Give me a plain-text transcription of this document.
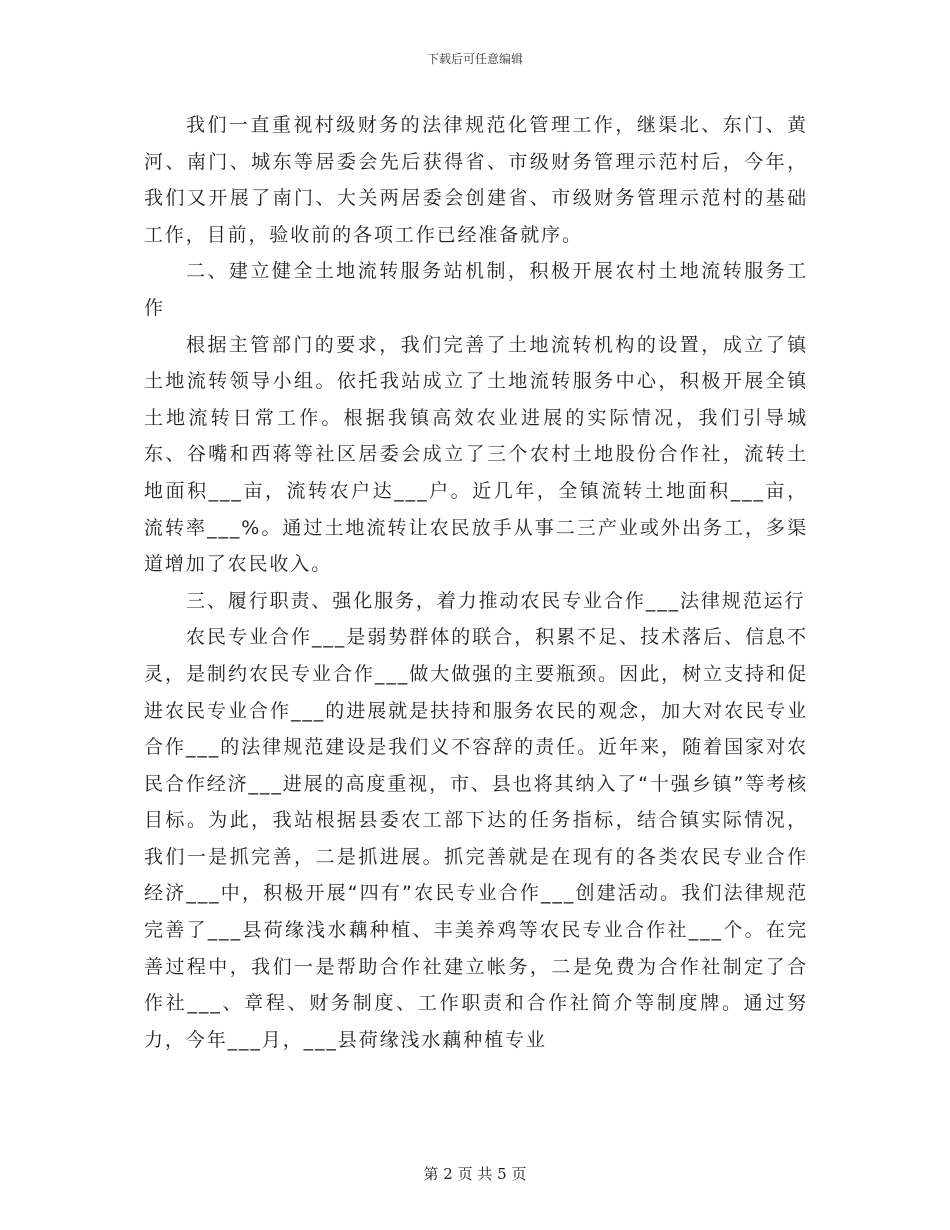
下载后可任意编辑

我们一直重视村级财务的法律规范化管理工作，继渠北、东门、黄河、南门、城东等居委会先后获得省、市级财务管理示范村后，今年，我们又开展了南门、大关两居委会创建省、市级财务管理示范村的基础工作，目前，验收前的各项工作已经准备就序。

二、建立健全土地流转服务站机制，积极开展农村土地流转服务工作

根据主管部门的要求，我们完善了土地流转机构的设置，成立了镇土地流转领导小组。依托我站成立了土地流转服务中心，积极开展全镇土地流转日常工作。根据我镇高效农业进展的实际情况，我们引导城东、谷嘴和西蒋等社区居委会成立了三个农村土地股份合作社，流转土地面积___亩，流转农户达___户。近几年，全镇流转土地面积___亩，流转率___%。通过土地流转让农民放手从事二三产业或外出务工，多渠道增加了农民收入。

三、履行职责、强化服务，着力推动农民专业合作___法律规范运行

农民专业合作___是弱势群体的联合，积累不足、技术落后、信息不灵，是制约农民专业合作___做大做强的主要瓶颈。因此，树立支持和促进农民专业合作___的进展就是扶持和服务农民的观念，加大对农民专业合作___的法律规范建设是我们义不容辞的责任。近年来，随着国家对农民合作经济___进展的高度重视，市、县也将其纳入了“十强乡镇”等考核目标。为此，我站根据县委农工部下达的任务指标，结合镇实际情况，我们一是抓完善，二是抓进展。抓完善就是在现有的各类农民专业合作经济___中，积极开展“四有”农民专业合作___创建活动。我们法律规范完善了___县荷缘浅水藕种植、丰美养鸡等农民专业合作社___个。在完善过程中，我们一是帮助合作社建立帐务，二是免费为合作社制定了合作社___、章程、财务制度、工作职责和合作社简介等制度牌。通过努力，今年___月，___县荷缘浅水藕种植专业

第 2 页 共 5 页
